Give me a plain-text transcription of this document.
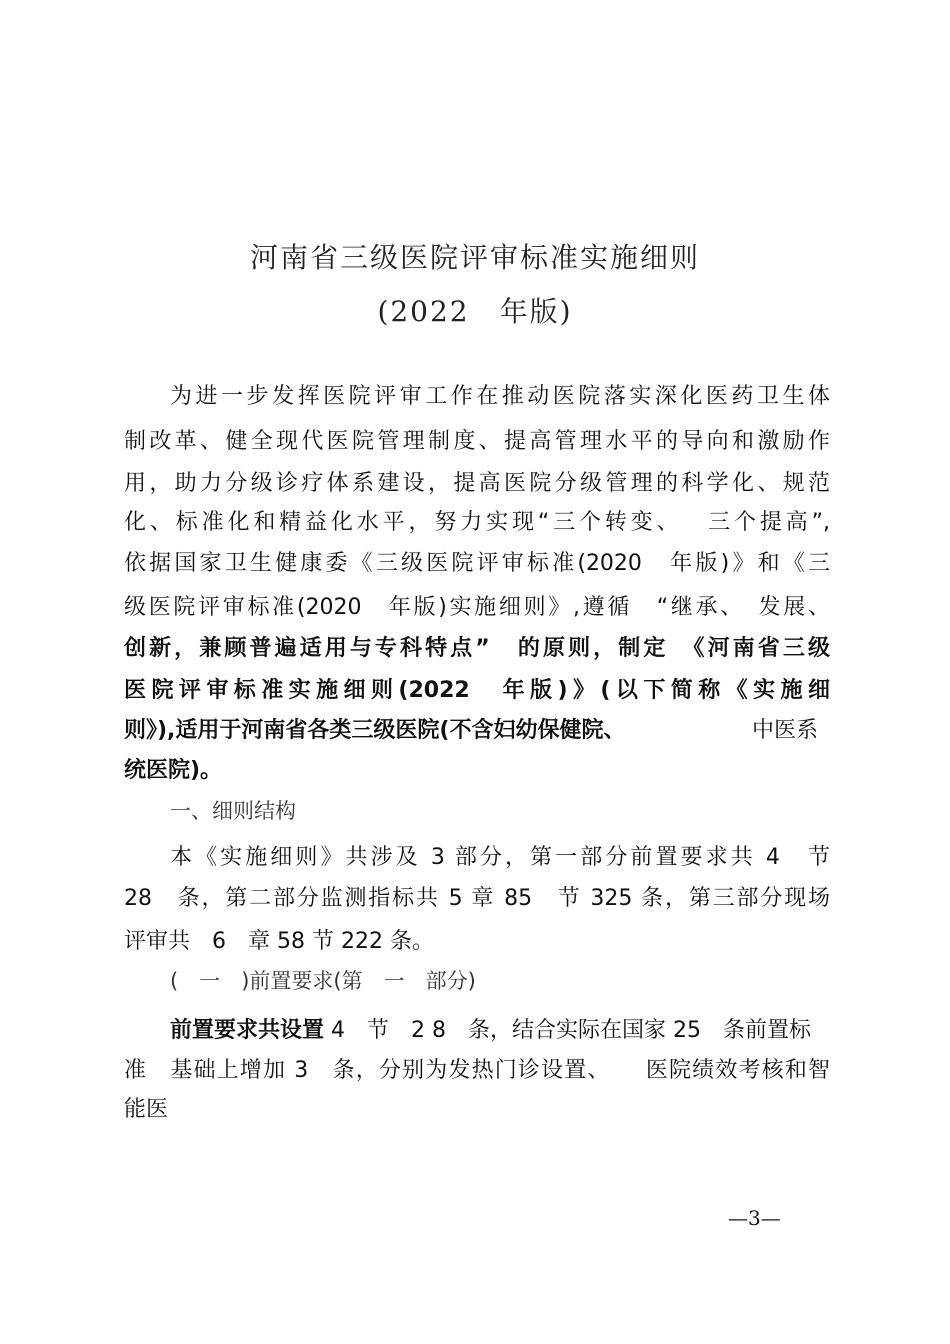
河南省三级医院评审标准实施细则
(2022　年版)
为进一步发挥医院评审工作在推动医院落实深化医药卫生体
制改革、健全现代医院管理制度、提高管理水平的导向和激励作
用，助力分级诊疗体系建设，提高医院分级管理的科学化、规范
化、标准化和精益化水平，努力实现“三个转变、　 三个提高”,
依据国家卫生健康委《三级医院评审标准(2020　年版)》和《三
级医院评审标准(2020　年版)实施细则》,遵循　“继承、　发展、
创新，兼顾普遍适用与专科特点”　的原则，制定　《河南省三级
医院评审标准实施细则(2022　年版)》(以下简称《实施细
则》),适用于河南省各类三级医院(不含妇幼保健院、	中医系
统医院)。
一、细则结构
本《实施细则》共涉及 3 部分，第一部分前置要求共 4　节
28　条，第二部分监测指标共 5 章 85　节 325 条，第三部分现场
评审共　6　章 58 节 222 条。
(　一　)前置要求(第　一　部分)
前置要求共设置 4　节　2 8　条，结合实际在国家 25　条前置标
准　基础上增加 3　条，分别为发热门诊设置、　　医院绩效考核和智
能医
—3—
